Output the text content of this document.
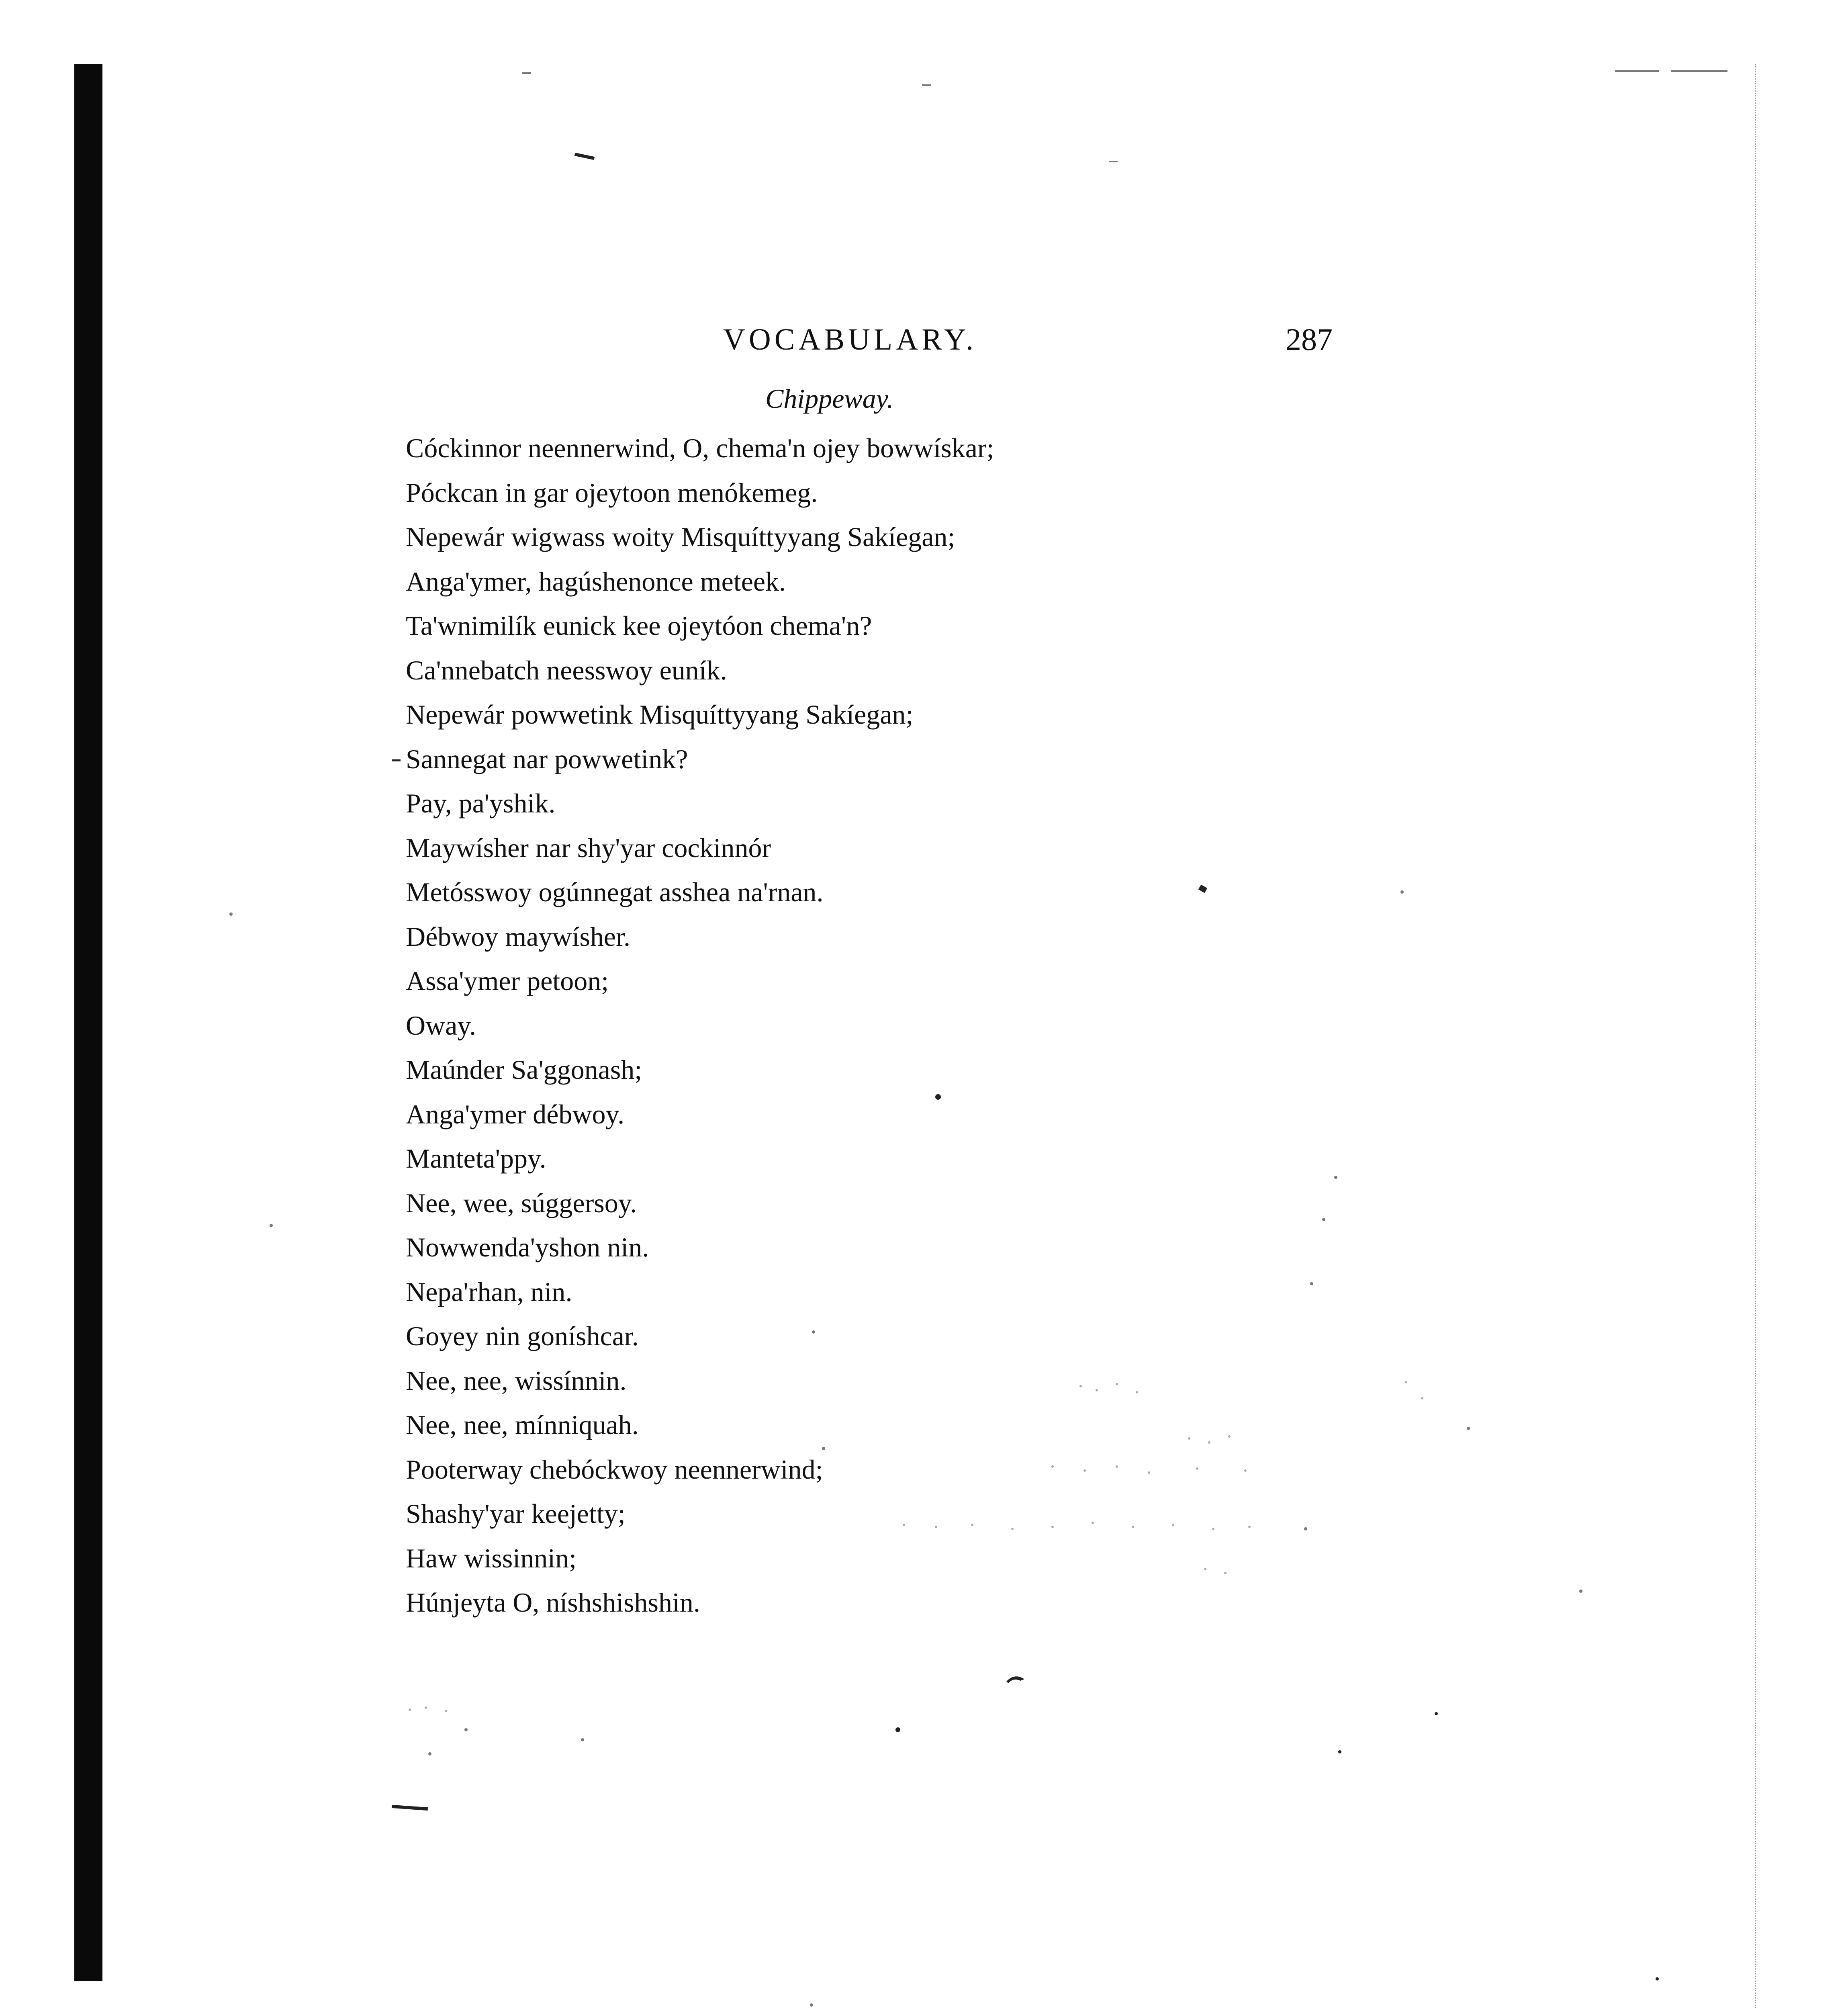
VOCABULARY.	287
Chippeway.
Cóckinnor neennerwind, O, chema'n ojey bowwískar;
Póckcan in gar ojeytoon menókemeg.
Nepewár wigwass woity Misquíttyyang Sakíegan;
Anga'ymer, hagúshenonce meteek.
Ta'wnimilík eunick kee ojeytóon chema'n?
Ca'nnebatch neesswoy euník.
Nepewár powwetink Misquíttyyang Sakíegan;
Sannegat nar powwetink?
Pay, pa'yshik.
Maywísher nar shy'yar cockinnór
Metósswoy ogúnnegat asshea na'rnan.
Débwoy maywísher.
Assa'ymer petoon;
Oway.
Maúnder Sa'ggonash;
Anga'ymer débwoy.
Manteta'ppy.
Nee, wee, súggersoy.
Nowwenda'yshon nin.
Nepa'rhan, nin.
Goyey nin goníshcar.
Nee, nee, wissínnin.
Nee, nee, mínniquah.
Pooterway chebóckwoy neennerwind;
Shashy'yar keejetty;
Haw wissinnin;
Húnjeyta O, níshshishshin.
